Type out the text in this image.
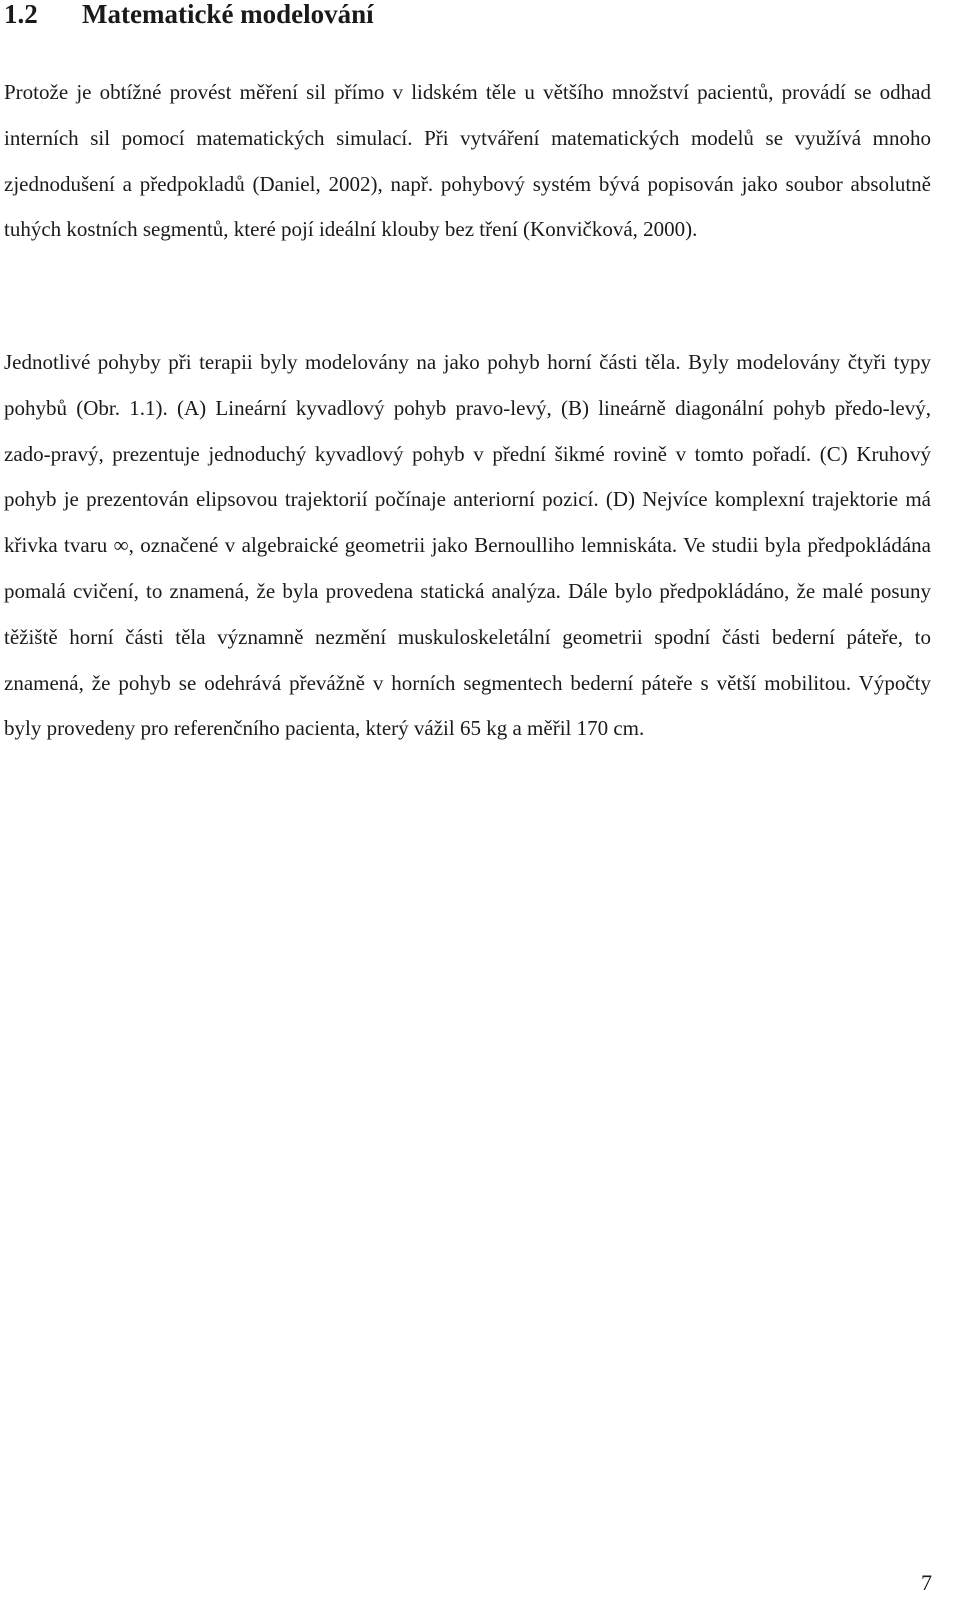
1.2 Matematické modelování

Protože je obtížné provést měření sil přímo v lidském těle u většího množství pacientů, provádí se odhad interních sil pomocí matematických simulací. Při vytváření matematických modelů se využívá mnoho zjednodušení a předpokladů (Daniel, 2002), např. pohybový systém bývá popisován jako soubor absolutně tuhých kostních segmentů, které pojí ideální klouby bez tření (Konvičková, 2000).

Jednotlivé pohyby při terapii byly modelovány na jako pohyb horní části těla. Byly modelovány čtyři typy pohybů (Obr. 1.1). (A) Lineární kyvadlový pohyb pravo-levý, (B) lineárně diagonální pohyb předo-levý, zado-pravý, prezentuje jednoduchý kyvadlový pohyb v přední šikmé rovině v tomto pořadí. (C) Kruhový pohyb je prezentován elipsovou trajektorií počínaje anteriorní pozicí. (D) Nejvíce komplexní trajektorie má křivka tvaru ∞, označené v algebraické geometrii jako Bernoulliho lemniskáta. Ve studii byla předpokládána pomalá cvičení, to znamená, že byla provedena statická analýza. Dále bylo předpokládáno, že malé posuny těžiště horní části těla významně nezmění muskuloskeletální geometrii spodní části bederní páteře, to znamená, že pohyb se odehrává převážně v horních segmentech bederní páteře s větší mobilitou. Výpočty byly provedeny pro referenčního pacienta, který vážil 65 kg a měřil 170 cm.

7
